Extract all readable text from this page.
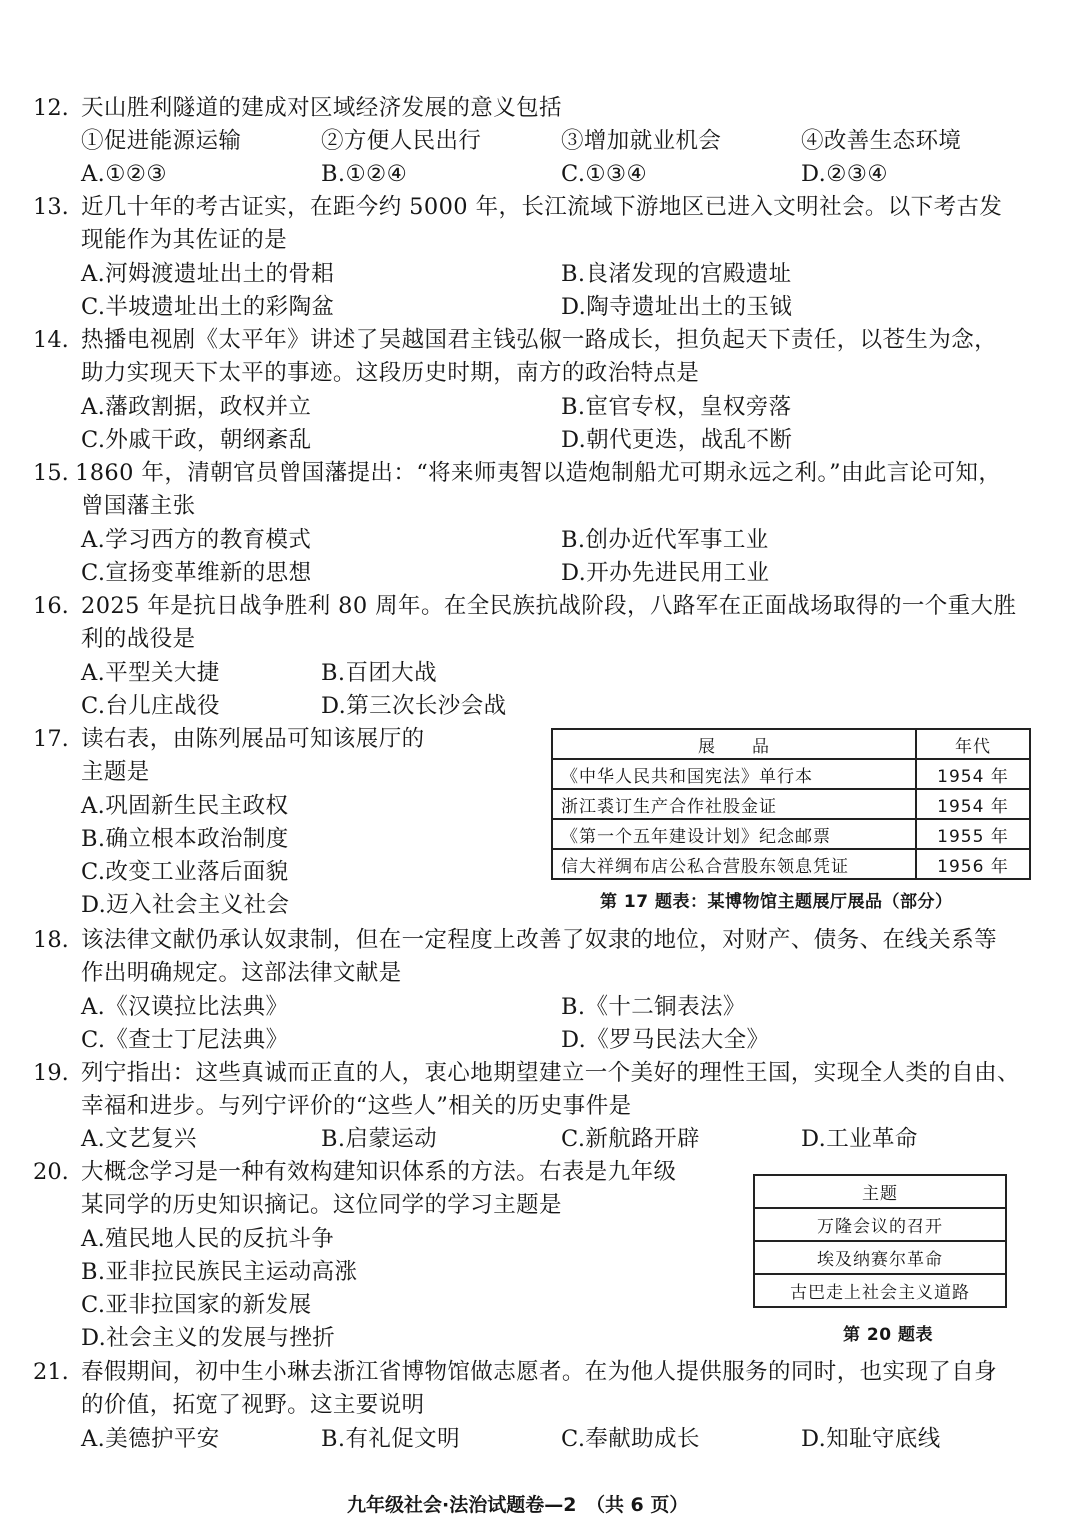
12. 天山胜利隧道的建成对区域经济发展的意义包括
①促进能源运输	②方便人民出行	③增加就业机会	④改善生态环境
A.①②③	B.①②④	C.①③④	D.②③④
13. 近几十年的考古证实，在距今约 5000 年，长江流域下游地区已进入文明社会。以下考古发
现能作为其佐证的是
A.河姆渡遗址出土的骨耜	B.良渚发现的宫殿遗址
C.半坡遗址出土的彩陶盆	D.陶寺遗址出土的玉钺
14. 热播电视剧《太平年》讲述了吴越国君主钱弘俶一路成长，担负起天下责任，以苍生为念，
助力实现天下太平的事迹。这段历史时期，南方的政治特点是
A.藩政割据，政权并立	B.宦官专权，皇权旁落
C.外戚干政，朝纲紊乱	D.朝代更迭，战乱不断
15. 1860 年，清朝官员曾国藩提出：“将来师夷智以造炮制船尤可期永远之利。”由此言论可知，
曾国藩主张
A.学习西方的教育模式	B.创办近代军事工业
C.宣扬变革维新的思想	D.开办先进民用工业
16. 2025 年是抗日战争胜利 80 周年。在全民族抗战阶段，八路军在正面战场取得的一个重大胜
利的战役是
A.平型关大捷	B.百团大战
C.台儿庄战役	D.第三次长沙会战
17. 读右表，由陈列展品可知该展厅的
主题是
A.巩固新生民主政权
B.确立根本政治制度
C.改变工业落后面貌
D.迈入社会主义社会
展　　品	年代
《中华人民共和国宪法》单行本	1954 年
浙江裘订生产合作社股金证	1954 年
《第一个五年建设计划》纪念邮票	1955 年
信大祥绸布店公私合营股东领息凭证	1956 年
第 17 题表：某博物馆主题展厅展品（部分）
18. 该法律文献仍承认奴隶制，但在一定程度上改善了奴隶的地位，对财产、债务、在线关系等
作出明确规定。这部法律文献是
A.《汉谟拉比法典》	B.《十二铜表法》
C.《查士丁尼法典》	D.《罗马民法大全》
19. 列宁指出：这些真诚而正直的人，衷心地期望建立一个美好的理性王国，实现全人类的自由、
幸福和进步。与列宁评价的“这些人”相关的历史事件是
A.文艺复兴	B.启蒙运动	C.新航路开辟	D.工业革命
20. 大概念学习是一种有效构建知识体系的方法。右表是九年级
某同学的历史知识摘记。这位同学的学习主题是
A.殖民地人民的反抗斗争
B.亚非拉民族民主运动高涨
C.亚非拉国家的新发展
D.社会主义的发展与挫折
主题
万隆会议的召开
埃及纳赛尔革命
古巴走上社会主义道路
第 20 题表
21. 春假期间，初中生小琳去浙江省博物馆做志愿者。在为他人提供服务的同时，也实现了自身
的价值，拓宽了视野。这主要说明
A.美德护平安	B.有礼促文明	C.奉献助成长	D.知耻守底线
九年级社会·法治试题卷—2　（共 6 页）
